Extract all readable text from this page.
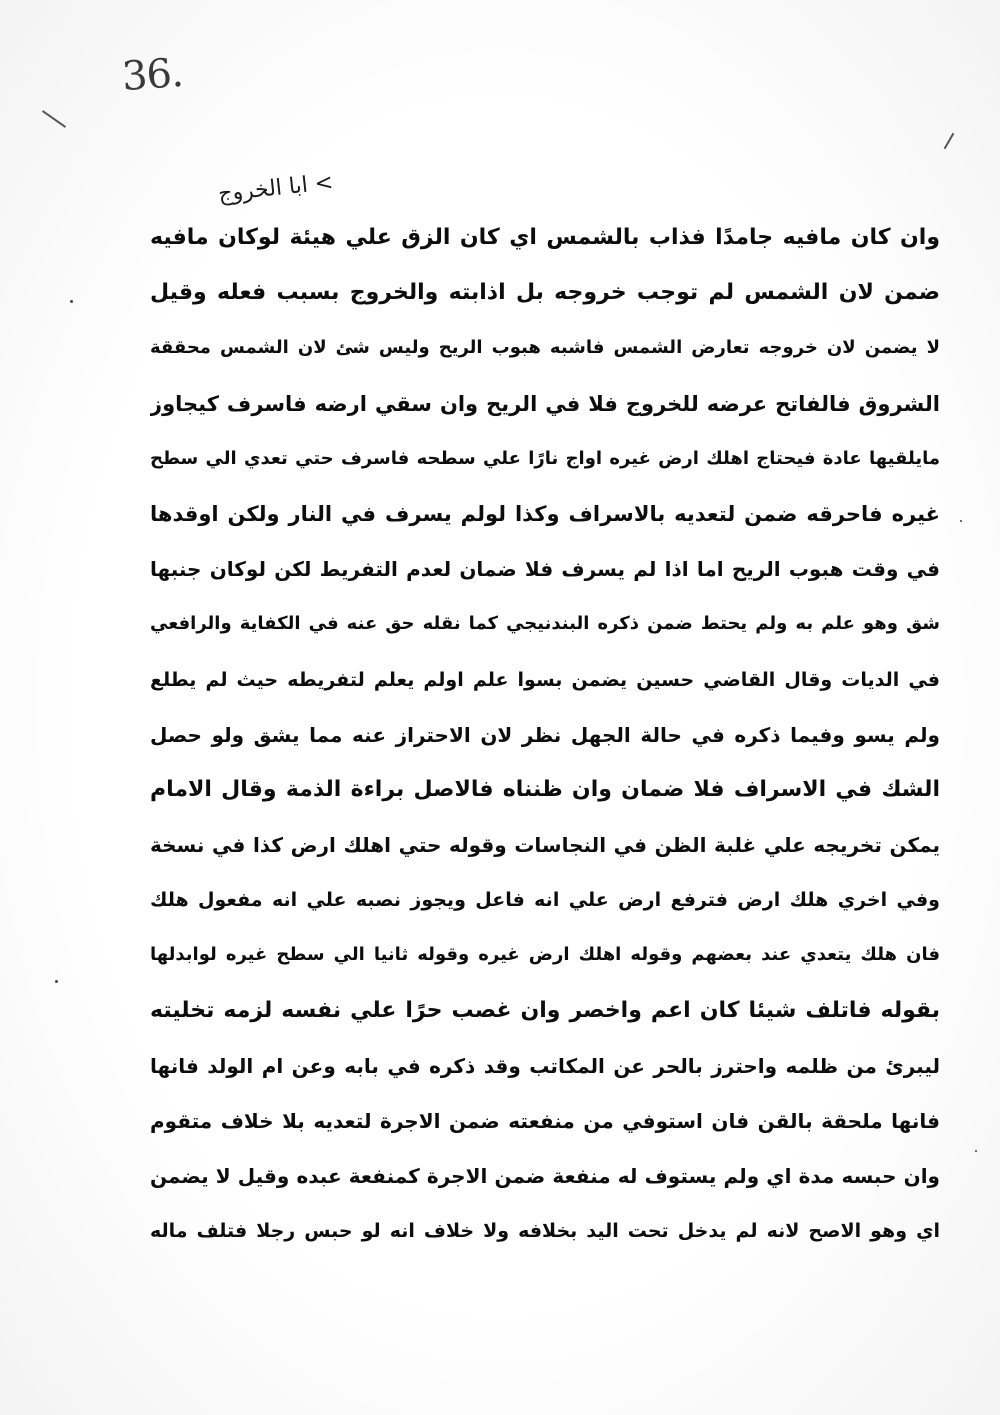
36.
> ابا الخروج
وان كان مافيه جامدًا فذاب بالشمس اي كان الزق علي هيئة لوكان مافيه
ضمن لان الشمس لم توجب خروجه بل اذابته والخروج بسبب فعله وقيل
لا يضمن لان خروجه تعارض الشمس فاشبه هبوب الريح وليس شئ لان الشمس محققة
الشروق فالفاتح عرضه للخروج فلا في الريح وان سقي ارضه فاسرف كيجاوز
مايلقيها عادة فيحتاج اهلك ارض غيره اواج نارًا علي سطحه فاسرف حتي تعدي الي سطح
غيره فاحرقه ضمن لتعديه بالاسراف وكذا لولم يسرف في النار ولكن اوقدها
في وقت هبوب الريح اما اذا لم يسرف فلا ضمان لعدم التفريط لكن لوكان جنبها
شق وهو علم به ولم يحتط ضمن ذكره البندنيجي كما نقله حق عنه في الكفاية والرافعي
في الديات وقال القاضي حسين يضمن بسوا علم اولم يعلم لتفريطه حيث لم يطلع
ولم يسو وفيما ذكره في حالة الجهل نظر لان الاحتراز عنه مما يشق ولو حصل
الشك في الاسراف فلا ضمان وان ظنناه فالاصل براءة الذمة وقال الامام
يمكن تخريجه علي غلبة الظن في النجاسات وقوله حتي اهلك ارض كذا في نسخة
وفي اخري هلك ارض فترفع ارض علي انه فاعل ويجوز نصبه علي انه مفعول هلك
فان هلك يتعدي عند بعضهم وقوله اهلك ارض غيره وقوله ثانيا الي سطح غيره لوابدلها
بقوله فاتلف شيئا كان اعم واخصر وان غصب حرًا علي نفسه لزمه تخليته
ليبرئ من ظلمه واحترز بالحر عن المكاتب وقد ذكره في بابه وعن ام الولد فانها
فانها ملحقة بالقن فان استوفي من منفعته ضمن الاجرة لتعديه بلا خلاف متقوم
وان حبسه مدة اي ولم يستوف له منفعة ضمن الاجرة كمنفعة عبده وقيل لا يضمن
اي وهو الاصح لانه لم يدخل تحت اليد بخلافه ولا خلاف انه لو حبس رجلا فتلف ماله
